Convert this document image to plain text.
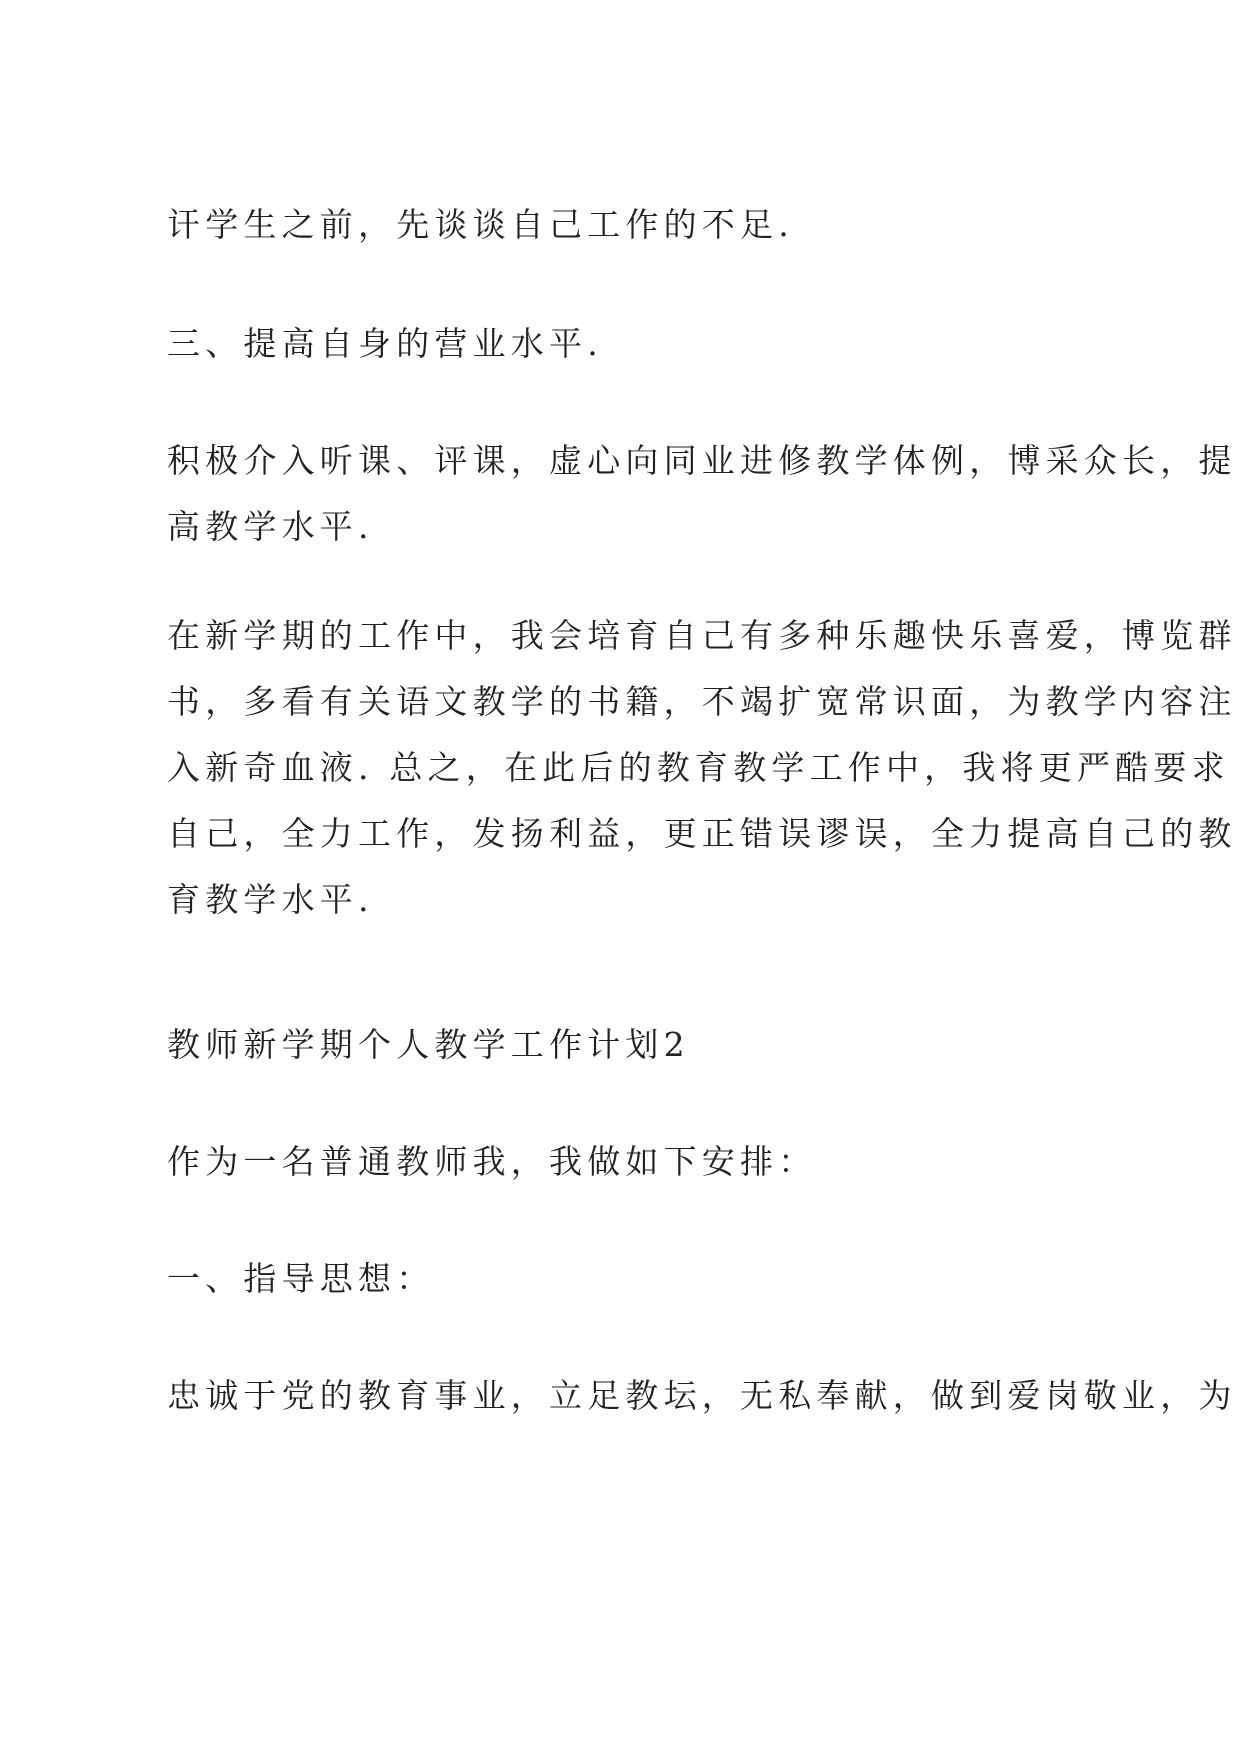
讦学生之前，先谈谈自己工作的不足.

三、提高自身的营业水平.

积极介入听课、评课，虚心向同业进修教学体例，博采众长，提
高教学水平.

在新学期的工作中，我会培育自己有多种乐趣快乐喜爱，博览群
书，多看有关语文教学的书籍，不竭扩宽常识面，为教学内容注
入新奇血液. 总之，在此后的教育教学工作中，我将更严酷要求
自己，全力工作，发扬利益，更正错误谬误，全力提高自己的教
育教学水平.

教师新学期个人教学工作计划2

作为一名普通教师我，我做如下安排：

一、指导思想：

忠诚于党的教育事业，立足教坛，无私奉献，做到爱岗敬业，为
